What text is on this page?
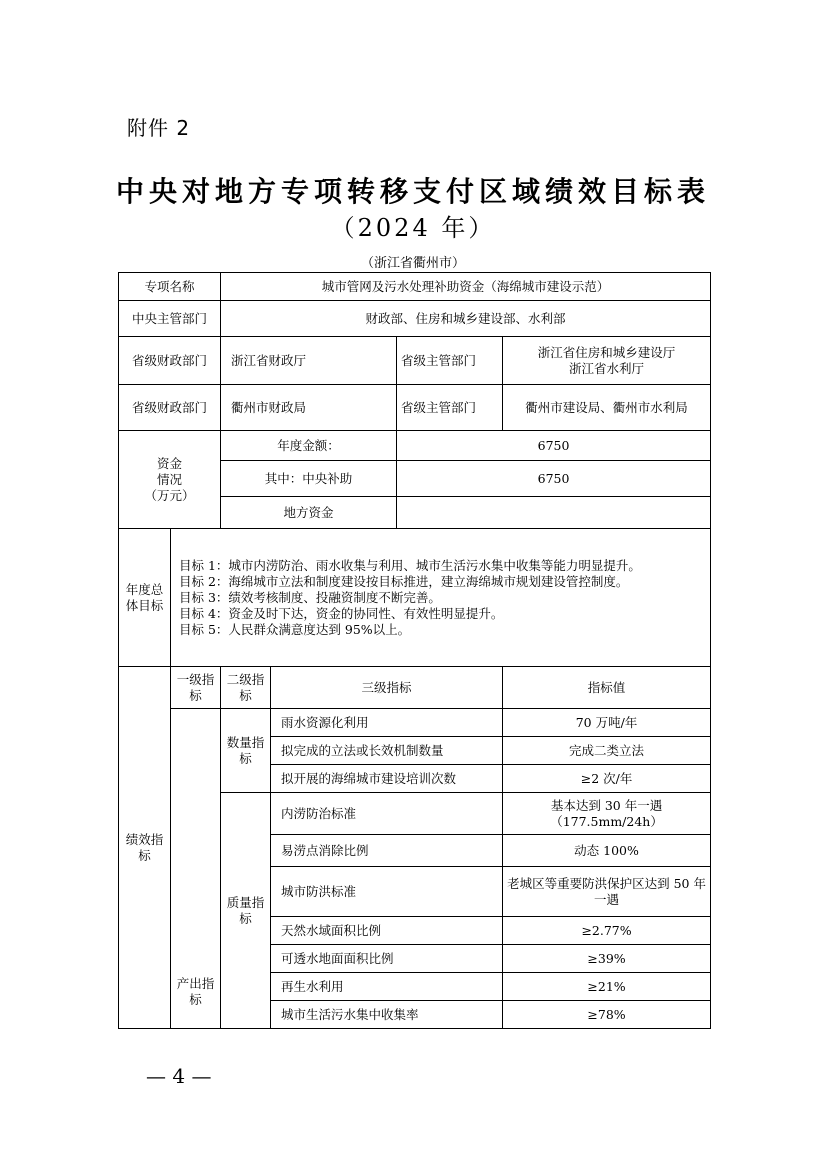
附件 2
中央对地方专项转移支付区域绩效目标表
（2024 年）
（浙江省衢州市）
专项名称		城市管网及污水处理补助资金（海绵城市建设示范）			
中央主管部门		财政部、住房和城乡建设部、水利部			
省级财政部门		浙江省财政厅		省级主管部门	浙江省住房和城乡建设厅
浙江省水利厅
省级财政部门		衢州市财政局		省级主管部门	衢州市建设局、衢州市水利局
资金
情况
（万元）		年度金额：		6750	
		其中：中央补助		6750	
		地方资金			
年度总体目标	目标 1：城市内涝防治、雨水收集与利用、城市生活污水集中收集等能力明显提升。
目标 2：海绵城市立法和制度建设按目标推进，建立海绵城市规划建设管控制度。
目标 3：绩效考核制度、投融资制度不断完善。
目标 4：资金及时下达，资金的协同性、有效性明显提升。
目标 5：人民群众满意度达到 95%以上。				

绩效指标	一级指标	二级指标	三级指标		指标值
	产出指标	数量指标	雨水资源化利用		70 万吨/年
			拟完成的立法或长效机制数量		完成二类立法
			拟开展的海绵城市建设培训次数		≥2 次/年
		质量指标	内涝防治标准		基本达到 30 年一遇（177.5mm/24h）
			易涝点消除比例		动态 100%
			城市防洪标准		老城区等重要防洪保护区达到 50 年一遇
			天然水域面积比例		≥2.77%
			可透水地面面积比例		≥39%
			再生水利用		≥21%
			城市生活污水集中收集率		≥78%
— 4 —
